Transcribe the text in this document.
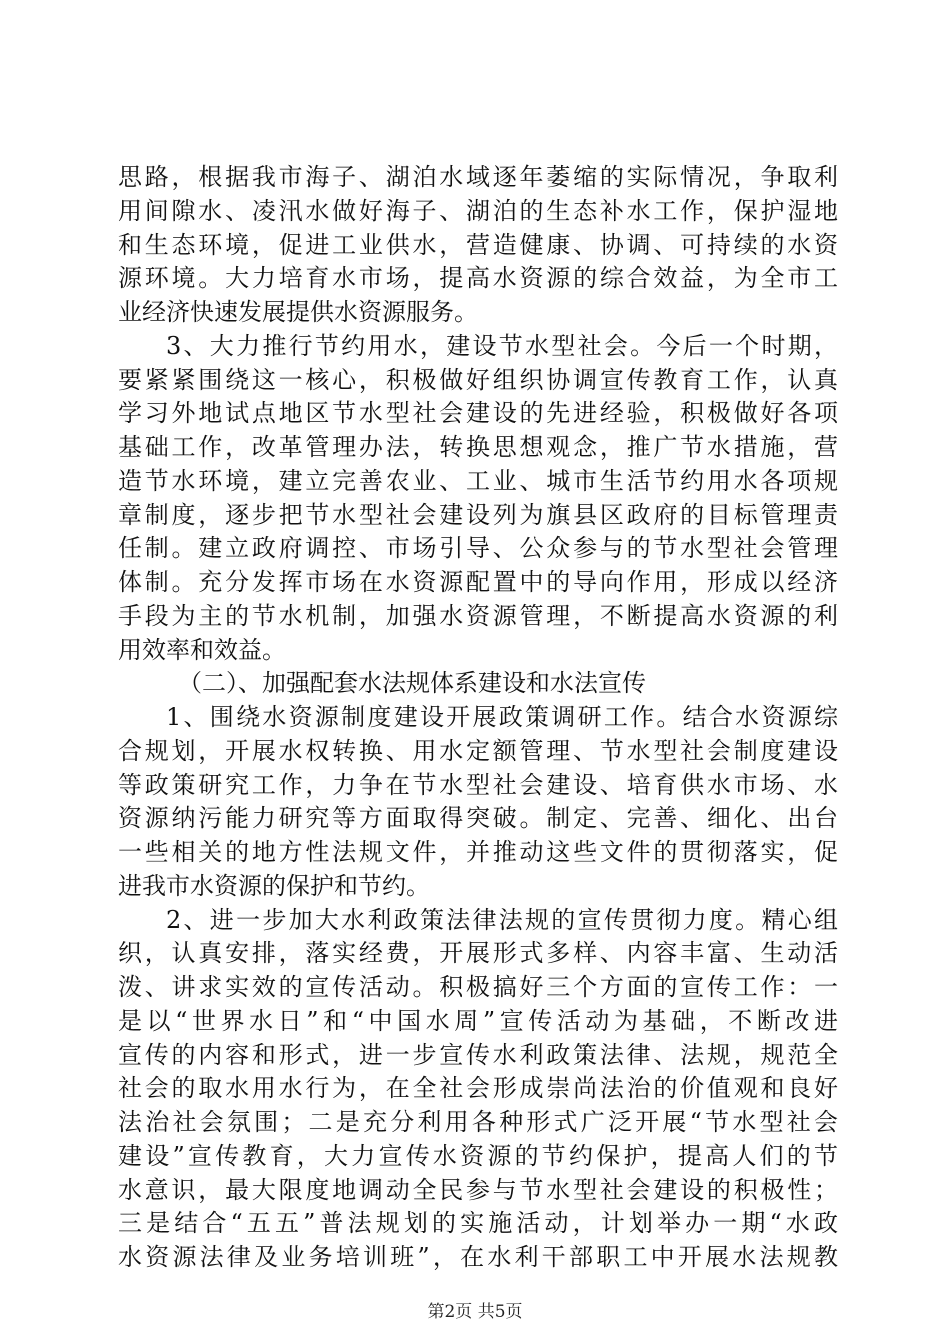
思路，根据我市海子、湖泊水域逐年萎缩的实际情况，争取利
用间隙水、凌汛水做好海子、湖泊的生态补水工作，保护湿地
和生态环境，促进工业供水，营造健康、协调、可持续的水资
源环境。大力培育水市场，提高水资源的综合效益，为全市工
业经济快速发展提供水资源服务。
3、大力推行节约用水，建设节水型社会。今后一个时期，
要紧紧围绕这一核心，积极做好组织协调宣传教育工作，认真
学习外地试点地区节水型社会建设的先进经验，积极做好各项
基础工作，改革管理办法，转换思想观念，推广节水措施，营
造节水环境，建立完善农业、工业、城市生活节约用水各项规
章制度，逐步把节水型社会建设列为旗县区政府的目标管理责
任制。建立政府调控、市场引导、公众参与的节水型社会管理
体制。充分发挥市场在水资源配置中的导向作用，形成以经济
手段为主的节水机制，加强水资源管理，不断提高水资源的利
用效率和效益。
（二）、加强配套水法规体系建设和水法宣传
1、围绕水资源制度建设开展政策调研工作。结合水资源综
合规划，开展水权转换、用水定额管理、节水型社会制度建设
等政策研究工作，力争在节水型社会建设、培育供水市场、水
资源纳污能力研究等方面取得突破。制定、完善、细化、出台
一些相关的地方性法规文件，并推动这些文件的贯彻落实，促
进我市水资源的保护和节约。
2、进一步加大水利政策法律法规的宣传贯彻力度。精心组
织，认真安排，落实经费，开展形式多样、内容丰富、生动活
泼、讲求实效的宣传活动。积极搞好三个方面的宣传工作：一
是以“世界水日”和“中国水周”宣传活动为基础，不断改进
宣传的内容和形式，进一步宣传水利政策法律、法规，规范全
社会的取水用水行为，在全社会形成崇尚法治的价值观和良好
法治社会氛围；二是充分利用各种形式广泛开展“节水型社会
建设”宣传教育，大力宣传水资源的节约保护，提高人们的节
水意识，最大限度地调动全民参与节水型社会建设的积极性；
三是结合“五五”普法规划的实施活动，计划举办一期“水政
水资源法律及业务培训班”，在水利干部职工中开展水法规教
第2页 共5页
